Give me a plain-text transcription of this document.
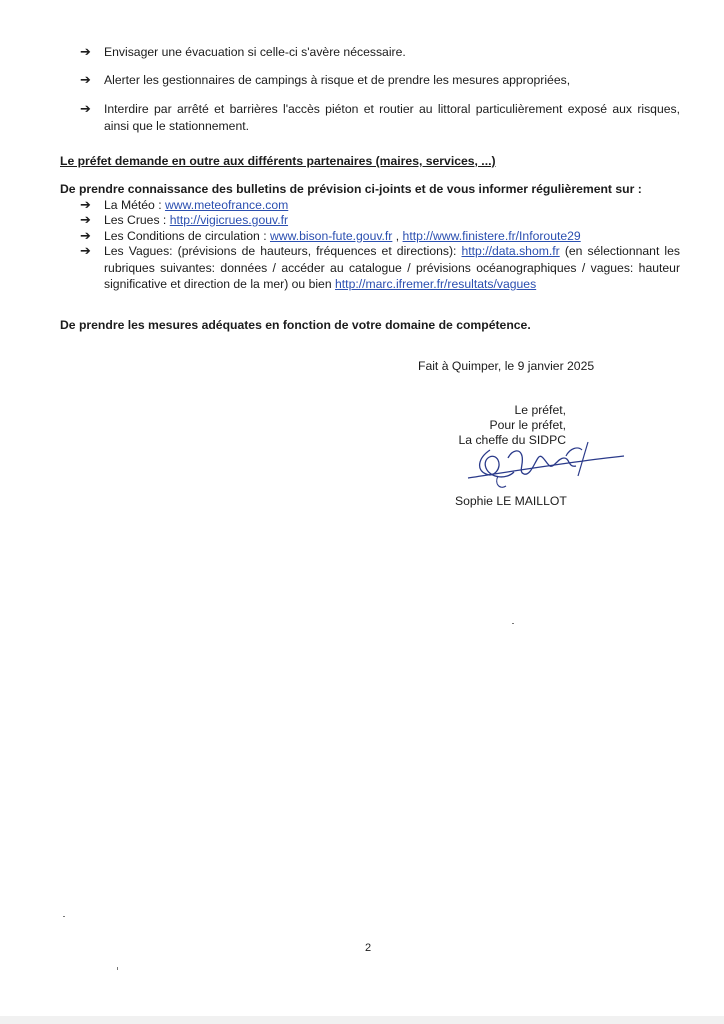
➔	Envisager une évacuation si celle-ci s'avère nécessaire.
➔	Alerter les gestionnaires de campings à risque et de prendre les mesures appropriées,
➔	Interdire par arrêté et barrières l'accès piéton et routier au littoral particulièrement exposé aux risques, ainsi que le stationnement.
Le préfet demande en outre aux différents partenaires (maires, services, ...)
De prendre connaissance des bulletins de prévision ci-joints et de vous informer régulièrement sur :
➔	La Météo : www.meteofrance.com
➔	Les Crues : http://vigicrues.gouv.fr
➔	Les Conditions de circulation : www.bison-fute.gouv.fr , http://www.finistere.fr/Inforoute29
➔	Les Vagues: (prévisions de hauteurs, fréquences et directions): http://data.shom.fr (en sélectionnant les rubriques suivantes: données / accéder au catalogue / prévisions océanographiques / vagues: hauteur significative et direction de la mer) ou bien http://marc.ifremer.fr/resultats/vagues
De prendre les mesures adéquates en fonction de votre domaine de compétence.
Fait à Quimper, le 9 janvier 2025
Le préfet,
Pour le préfet,
La cheffe du SIDPC
Sophie LE MAILLOT
2
